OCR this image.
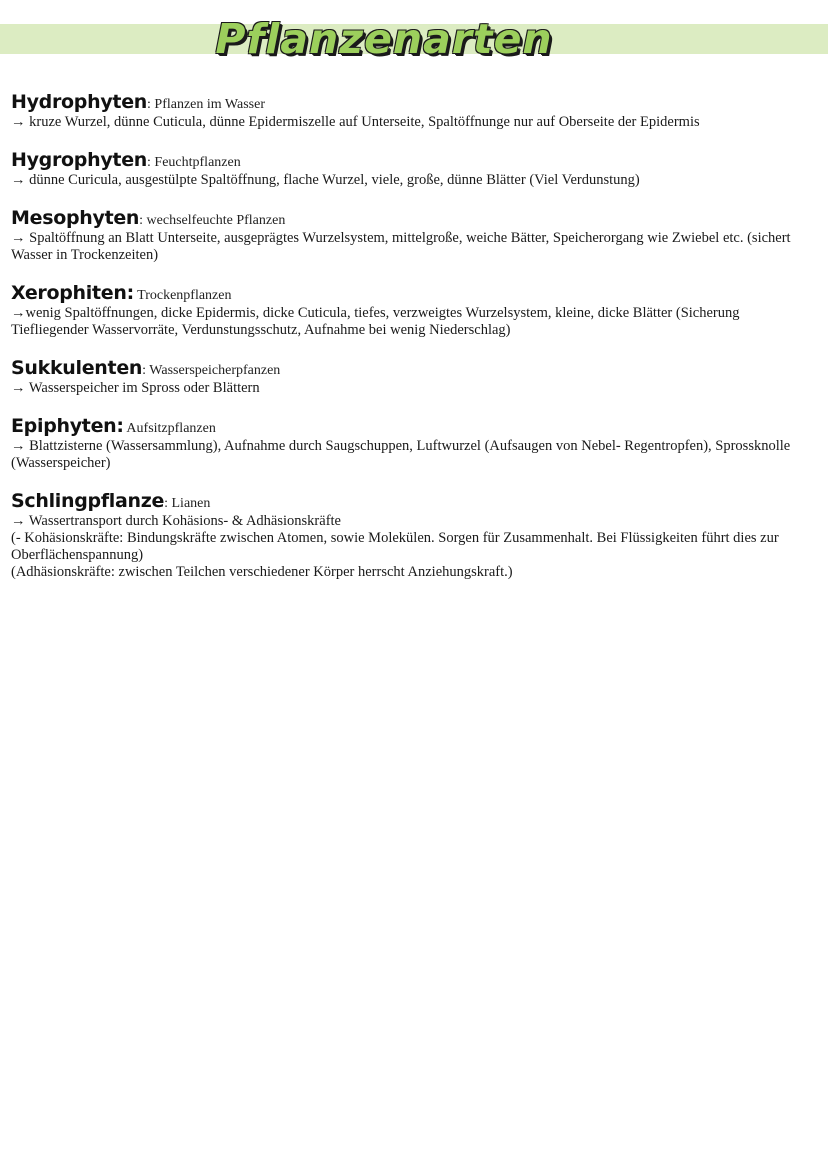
Pflanzenarten
Hydrophyten: Pflanzen im Wasser
→ kruze Wurzel, dünne Cuticula, dünne Epidermiszelle auf Unterseite, Spaltöffnunge nur auf Oberseite der Epidermis
Hygrophyten: Feuchtpflanzen
→ dünne Curicula, ausgestülpte Spaltöffnung, flache Wurzel, viele, große, dünne Blätter (Viel Verdunstung)
Mesophyten: wechselfeuchte Pflanzen
→ Spaltöffnung an Blatt Unterseite, ausgeprägtes Wurzelsystem, mittelgroße, weiche Bätter, Speicherorgang wie Zwiebel etc. (sichert Wasser in Trockenzeiten)
Xerophiten: Trockenpflanzen
→wenig Spaltöffnungen, dicke Epidermis, dicke Cuticula, tiefes, verzweigtes Wurzelsystem, kleine, dicke Blätter (Sicherung Tiefliegender Wasservorräte, Verdunstungsschutz, Aufnahme bei wenig Niederschlag)
Sukkulenten: Wasserspeicherpfanzen
→ Wasserspeicher im Spross oder Blättern
Epiphyten: Aufsitzpflanzen
→ Blattzisterne (Wassersammlung), Aufnahme durch Saugschuppen, Luftwurzel (Aufsaugen von Nebel- Regentropfen), Sprossknolle (Wasserspeicher)
Schlingpflanze: Lianen
→ Wassertransport durch Kohäsions- & Adhäsionskräfte
(- Kohäsionskräfte: Bindungskräfte zwischen Atomen, sowie Molekülen. Sorgen für Zusammenhalt. Bei Flüssigkeiten führt dies zur Oberflächenspannung)
(Adhäsionskräfte: zwischen Teilchen verschiedener Körper herrscht Anziehungskraft.)
